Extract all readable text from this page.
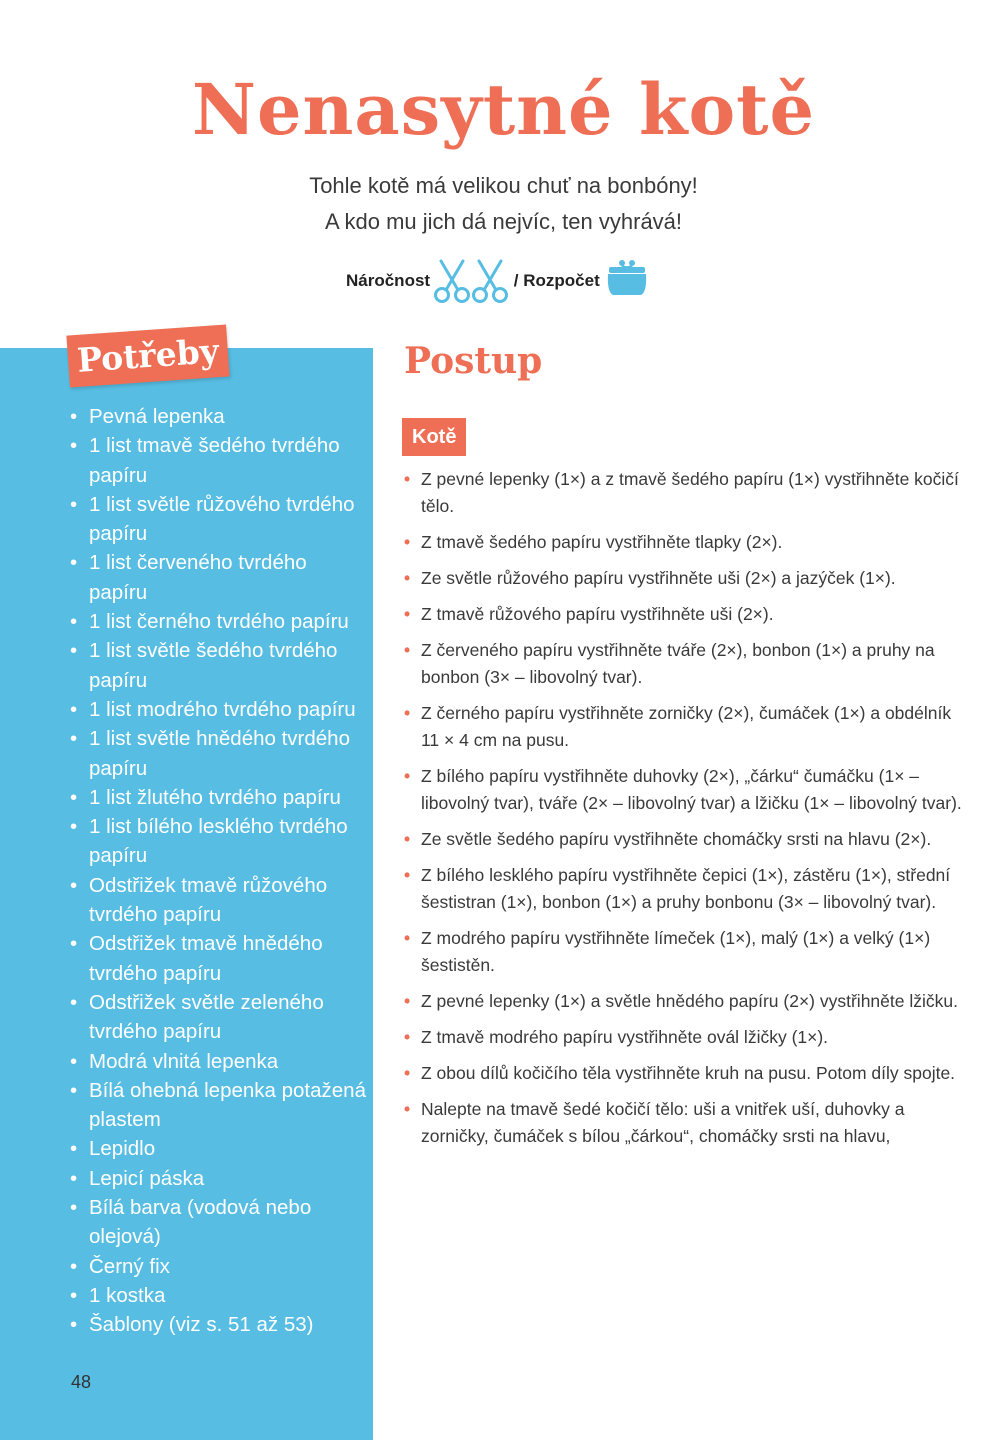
Nenasytné kotě
Tohle kotě má velikou chuť na bonbóny!
A kdo mu jich dá nejvíc, ten vyhrává!
Náročnost	/ Rozpočet
Potřeby
• Pevná lepenka
• 1 list tmavě šedého tvrdého papíru
• 1 list světle růžového tvrdého papíru
• 1 list červeného tvrdého papíru
• 1 list černého tvrdého papíru
• 1 list světle šedého tvrdého papíru
• 1 list modrého tvrdého papíru
• 1 list světle hnědého tvrdého papíru
• 1 list žlutého tvrdého papíru
• 1 list bílého lesklého tvrdého papíru
• Odstřižek tmavě růžového tvrdého papíru
• Odstřižek tmavě hnědého tvrdého papíru
• Odstřižek světle zeleného tvrdého papíru
• Modrá vlnitá lepenka
• Bílá ohebná lepenka potažená plastem
• Lepidlo
• Lepicí páska
• Bílá barva (vodová nebo olejová)
• Černý fix
• 1 kostka
• Šablony (viz s. 51 až 53)
48
Postup
Kotě
• Z pevné lepenky (1×) a z tmavě šedého papíru (1×) vystřihněte kočičí tělo.
• Z tmavě šedého papíru vystřihněte tlapky (2×).
• Ze světle růžového papíru vystřihněte uši (2×) a jazýček (1×).
• Z tmavě růžového papíru vystřihněte uši (2×).
• Z červeného papíru vystřihněte tváře (2×), bonbon (1×) a pruhy na bonbon (3× – libovolný tvar).
• Z černého papíru vystřihněte zorničky (2×), čumáček (1×) a obdélník 11 × 4 cm na pusu.
• Z bílého papíru vystřihněte duhovky (2×), „čárku“ čumáčku (1× – libovolný tvar), tváře (2× – libovolný tvar) a lžičku (1× – libovolný tvar).
• Ze světle šedého papíru vystřihněte chomáčky srsti na hlavu (2×).
• Z bílého lesklého papíru vystřihněte čepici (1×), zástěru (1×), střední šestistran (1×), bonbon (1×) a pruhy bonbonu (3× – libovolný tvar).
• Z modrého papíru vystřihněte límeček (1×), malý (1×) a velký (1×) šestistěn.
• Z pevné lepenky (1×) a světle hnědého papíru (2×) vystřihněte lžičku.
• Z tmavě modrého papíru vystřihněte ovál lžičky (1×).
• Z obou dílů kočičího těla vystřihněte kruh na pusu. Potom díly spojte.
• Nalepte na tmavě šedé kočičí tělo: uši a vnitřek uší, duhovky a zorničky, čumáček s bílou „čárkou“, chomáčky srsti na hlavu,
